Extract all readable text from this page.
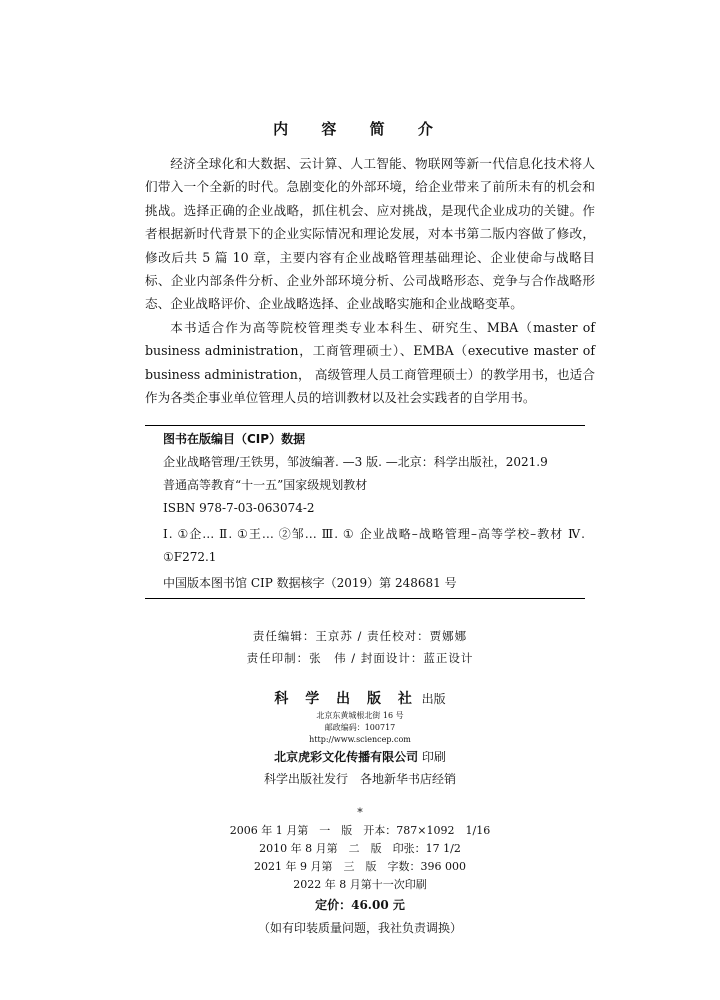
内 容 简 介

经济全球化和大数据、云计算、人工智能、物联网等新一代信息化技术将人们带入一个全新的时代。急剧变化的外部环境，给企业带来了前所未有的机会和挑战。选择正确的企业战略，抓住机会、应对挑战，是现代企业成功的关键。作者根据新时代背景下的企业实际情况和理论发展，对本书第二版内容做了修改，修改后共 5 篇 10 章，主要内容有企业战略管理基础理论、企业使命与战略目标、企业内部条件分析、企业外部环境分析、公司战略形态、竞争与合作战略形态、企业战略评价、企业战略选择、企业战略实施和企业战略变革。

本书适合作为高等院校管理类专业本科生、研究生、MBA（master of business administration，工商管理硕士）、EMBA（executive master of business administration， 高级管理人员工商管理硕士）的教学用书，也适合作为各类企事业单位管理人员的培训教材以及社会实践者的自学用书。

图书在版编目（CIP）数据
企业战略管理/王铁男，邹波编著. —3 版. —北京：科学出版社，2021.9
普通高等教育“十一五”国家级规划教材
ISBN 978-7-03-063074-2
Ⅰ. ①企… Ⅱ. ①王… ②邹… Ⅲ. ① 企业战略–战略管理–高等学校–教材 Ⅳ. ①F272.1
中国版本图书馆 CIP 数据核字（2019）第 248681 号
责任编辑：王京苏 / 责任校对：贾娜娜
责任印制：张　伟 / 封面设计：蓝正设计
科 学 出 版 社 出版
北京东黄城根北街 16 号
邮政编码：100717
http://www.sciencep.com
北京虎彩文化传播有限公司 印刷
科学出版社发行　各地新华书店经销
*
2006 年 1 月第　一　版　开本：787×1092　1/16
2010 年 8 月第　二　版　印张：17 1/2
2021 年 9 月第　三　版　字数：396 000
2022 年 8 月第十一次印刷
定价：46.00 元
（如有印装质量问题，我社负责调换）
